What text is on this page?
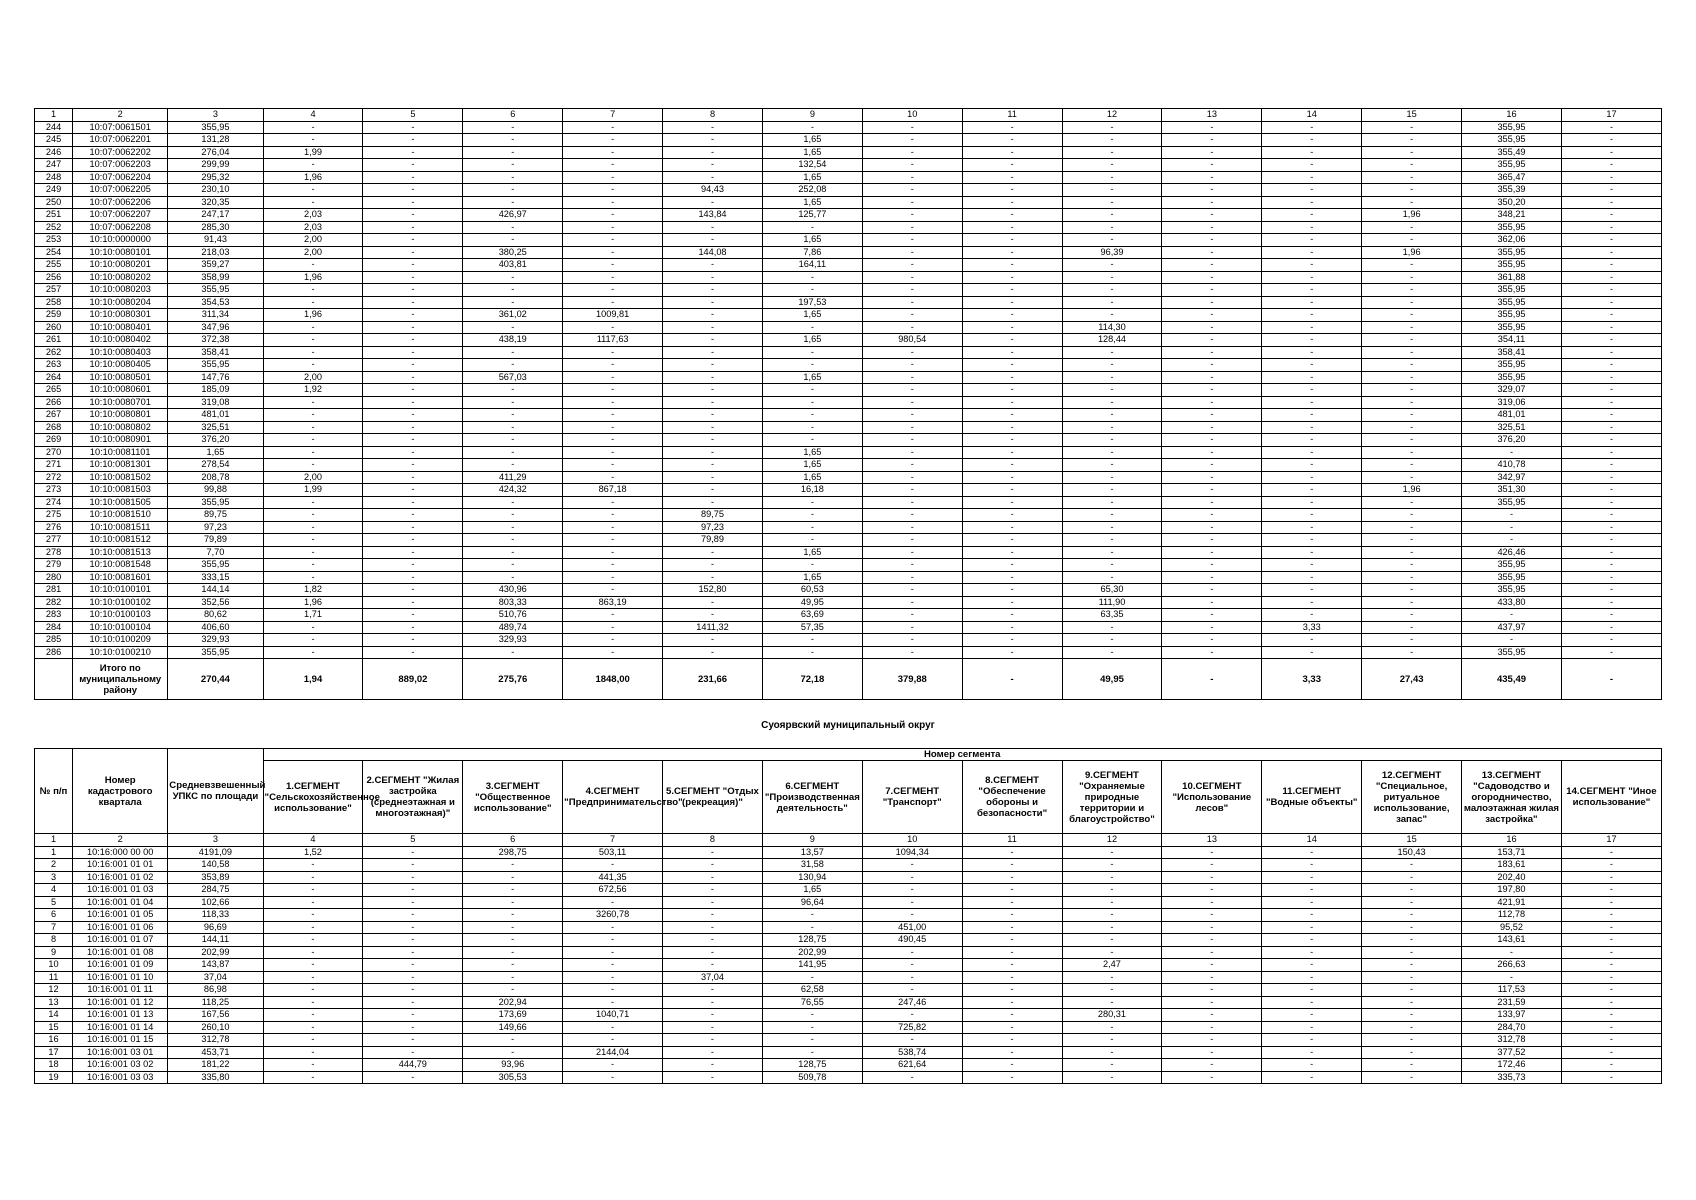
1	2	3	4	5	6	7	8	9	10	11	12	13	14	15	16	17
244	10:07:0061501	355,95	-	-	-	-	-	-	-	-	-	-	-	-	355,95	-
245	10:07:0062201	131,28	-	-	-	-	-	1,65	-	-	-	-	-	-	355,95	-
246	10:07:0062202	276,04	1,99	-	-	-	-	1,65	-	-	-	-	-	-	355,49	-
247	10:07:0062203	299,99	-	-	-	-	-	132,54	-	-	-	-	-	-	355,95	-
248	10:07:0062204	295,32	1,96	-	-	-	-	1,65	-	-	-	-	-	-	365,47	-
249	10:07:0062205	230,10	-	-	-	-	94,43	252,08	-	-	-	-	-	-	355,39	-
250	10:07:0062206	320,35	-	-	-	-	-	1,65	-	-	-	-	-	-	350,20	-
251	10:07:0062207	247,17	2,03	-	426,97	-	143,84	125,77	-	-	-	-	-	1,96	348,21	-
252	10:07:0062208	285,30	2,03	-	-	-	-	-	-	-	-	-	-	-	355,95	-
253	10:10:0000000	91,43	2,00	-	-	-	-	1,65	-	-	-	-	-	-	362,06	-
254	10:10:0080101	218,03	2,00	-	380,25	-	144,08	7,86	-	-	96,39	-	-	1,96	355,95	-
255	10:10:0080201	359,27	-	-	403,81	-	-	164,11	-	-	-	-	-	-	355,95	-
256	10:10:0080202	358,99	1,96	-	-	-	-	-	-	-	-	-	-	-	361,88	-
257	10:10:0080203	355,95	-	-	-	-	-	-	-	-	-	-	-	-	355,95	-
258	10:10:0080204	354,53	-	-	-	-	-	197,53	-	-	-	-	-	-	355,95	-
259	10:10:0080301	311,34	1,96	-	361,02	1009,81	-	1,65	-	-	-	-	-	-	355,95	-
260	10:10:0080401	347,96	-	-	-	-	-	-	-	-	114,30	-	-	-	355,95	-
261	10:10:0080402	372,38	-	-	438,19	1117,63	-	1,65	980,54	-	128,44	-	-	-	354,11	-
262	10:10:0080403	358,41	-	-	-	-	-	-	-	-	-	-	-	-	358,41	-
263	10:10:0080405	355,95	-	-	-	-	-	-	-	-	-	-	-	-	355,95	-
264	10:10:0080501	147,76	2,00	-	567,03	-	-	1,65	-	-	-	-	-	-	355,95	-
265	10:10:0080601	185,09	1,92	-	-	-	-	-	-	-	-	-	-	-	329,07	-
266	10:10:0080701	319,08	-	-	-	-	-	-	-	-	-	-	-	-	319,06	-
267	10:10:0080801	481,01	-	-	-	-	-	-	-	-	-	-	-	-	481,01	-
268	10:10:0080802	325,51	-	-	-	-	-	-	-	-	-	-	-	-	325,51	-
269	10:10:0080901	376,20	-	-	-	-	-	-	-	-	-	-	-	-	376,20	-
270	10:10:0081101	1,65	-	-	-	-	-	1,65	-	-	-	-	-	-	-	-
271	10:10:0081301	278,54	-	-	-	-	-	1,65	-	-	-	-	-	-	410,78	-
272	10:10:0081502	208,78	2,00	-	411,29	-	-	1,65	-	-	-	-	-	-	342,97	-
273	10:10:0081503	99,88	1,99	-	424,32	867,18	-	16,18	-	-	-	-	-	1,96	351,30	-
274	10:10:0081505	355,95	-	-	-	-	-	-	-	-	-	-	-	-	355,95	-
275	10:10:0081510	89,75	-	-	-	-	89,75	-	-	-	-	-	-	-	-	-
276	10:10:0081511	97,23	-	-	-	-	97,23	-	-	-	-	-	-	-	-	-
277	10:10:0081512	79,89	-	-	-	-	79,89	-	-	-	-	-	-	-	-	-
278	10:10:0081513	7,70	-	-	-	-	-	1,65	-	-	-	-	-	-	426,46	-
279	10:10:0081548	355,95	-	-	-	-	-	-	-	-	-	-	-	-	355,95	-
280	10:10:0081601	333,15	-	-	-	-	-	1,65	-	-	-	-	-	-	355,95	-
281	10:10:0100101	144,14	1,82	-	430,96	-	152,80	60,53	-	-	65,30	-	-	-	355,95	-
282	10:10:0100102	352,56	1,96	-	803,33	863,19	-	49,95	-	-	111,90	-	-	-	433,80	-
283	10:10:0100103	80,62	1,71	-	510,76	-	-	63,69	-	-	63,35	-	-	-	-	-
284	10:10:0100104	406,60	-	-	489,74	-	1411,32	57,35	-	-	-	-	3,33	-	437,97	-
285	10:10:0100209	329,93	-	-	329,93	-	-	-	-	-	-	-	-	-	-	-
286	10:10:0100210	355,95	-	-	-	-	-	-	-	-	-	-	-	-	355,95	-
	Итого по муниципальному району	270,44	1,94	889,02	275,76	1848,00	231,66	72,18	379,88	-	49,95	-	3,33	27,43	435,49	-
Суоярвский муниципальный округ
№ п/п	Номер кадастрового квартала	Средневзвешенный УПКС по площади	Номер сегмента													
			1.СЕГМЕНТ "Сельскохозяйственное использование"	2.СЕГМЕНТ "Жилая застройка (среднеэтажная и многоэтажная)"	3.СЕГМЕНТ "Общественное использование"	4.СЕГМЕНТ "Предпринимательство"	5.СЕГМЕНТ "Отдых (рекреация)"	6.СЕГМЕНТ "Производственная деятельность"	7.СЕГМЕНТ "Транспорт"	8.СЕГМЕНТ "Обеспечение обороны и безопасности"	9.СЕГМЕНТ "Охраняемые природные территории и благоустройство"	10.СЕГМЕНТ "Использование лесов"	11.СЕГМЕНТ "Водные объекты"	12.СЕГМЕНТ "Специальное, ритуальное использование, запас"	13.СЕГМЕНТ "Садоводство и огородничество, малоэтажная жилая застройка"	14.СЕГМЕНТ "Иное использование"
1	2	3	4	5	6	7	8	9	10	11	12	13	14	15	16	17
1	10:16:000 00 00	4191,09	1,52	-	298,75	503,11	-	13,57	1094,34	-	-	-	-	150,43	153,71	-
2	10:16:001 01 01	140,58	-	-	-	-	-	31,58	-	-	-	-	-	-	183,61	-
3	10:16:001 01 02	353,89	-	-	-	441,35	-	130,94	-	-	-	-	-	-	202,40	-
4	10:16:001 01 03	284,75	-	-	-	672,56	-	1,65	-	-	-	-	-	-	197,80	-
5	10:16:001 01 04	102,66	-	-	-	-	-	96,64	-	-	-	-	-	-	421,91	-
6	10:16:001 01 05	118,33	-	-	-	3260,78	-	-	-	-	-	-	-	-	112,78	-
7	10:16:001 01 06	96,69	-	-	-	-	-	-	451,00	-	-	-	-	-	95,52	-
8	10:16:001 01 07	144,11	-	-	-	-	-	128,75	490,45	-	-	-	-	-	143,61	-
9	10:16:001 01 08	202,99	-	-	-	-	-	202,99	-	-	-	-	-	-	-	-
10	10:16:001 01 09	143,87	-	-	-	-	-	141,95	-	-	2,47	-	-	-	266,63	-
11	10:16:001 01 10	37,04	-	-	-	-	37,04	-	-	-	-	-	-	-	-	-
12	10:16:001 01 11	86,98	-	-	-	-	-	62,58	-	-	-	-	-	-	117,53	-
13	10:16:001 01 12	118,25	-	-	202,94	-	-	76,55	247,46	-	-	-	-	-	231,59	-
14	10:16:001 01 13	167,56	-	-	173,69	1040,71	-	-	-	-	280,31	-	-	-	133,97	-
15	10:16:001 01 14	260,10	-	-	149,66	-	-	-	725,82	-	-	-	-	-	284,70	-
16	10:16:001 01 15	312,78	-	-	-	-	-	-	-	-	-	-	-	-	312,78	-
17	10:16:001 03 01	453,71	-	-	-	2144,04	-	-	538,74	-	-	-	-	-	377,52	-
18	10:16:001 03 02	181,22	-	444,79	93,96	-	-	128,75	621,64	-	-	-	-	-	172,46	-
19	10:16:001 03 03	335,80	-	-	305,53	-	-	509,78	-	-	-	-	-	-	335,73	-
